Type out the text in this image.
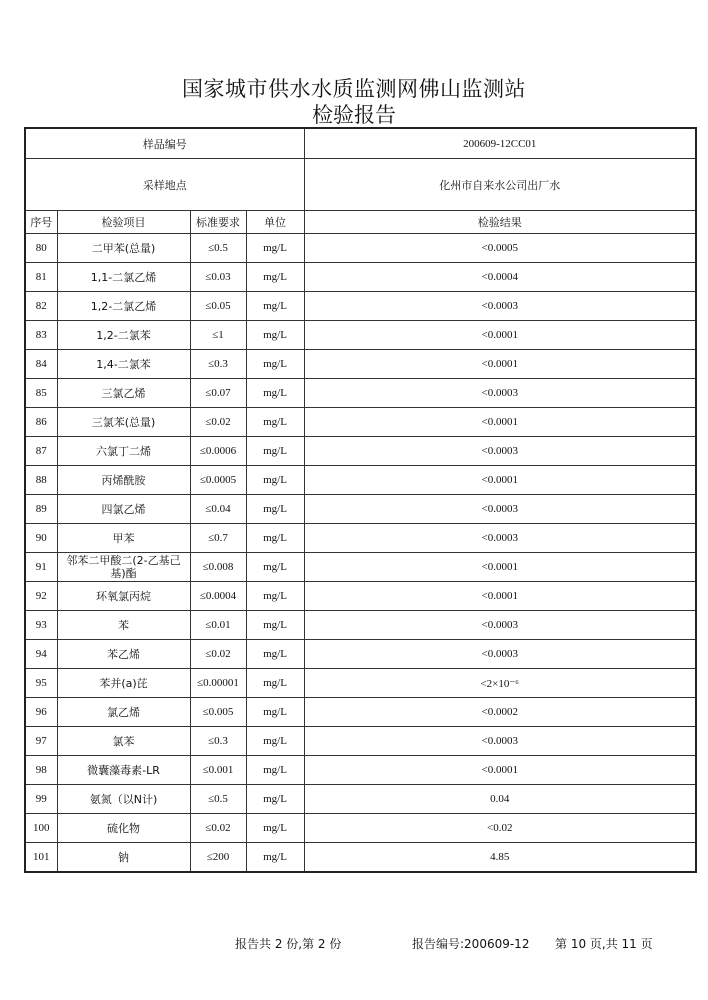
国家城市供水水质监测网佛山监测站
检验报告
样品编号				200609-12CC01
采样地点				化州市自来水公司出厂水
序号	检验项目	标准要求	单位	检验结果
80	二甲苯(总量)	≤0.5	mg/L	<0.0005
81	1,1-二氯乙烯	≤0.03	mg/L	<0.0004
82	1,2-二氯乙烯	≤0.05	mg/L	<0.0003
83	1,2-二氯苯	≤1	mg/L	<0.0001
84	1,4-二氯苯	≤0.3	mg/L	<0.0001
85	三氯乙烯	≤0.07	mg/L	<0.0003
86	三氯苯(总量)	≤0.02	mg/L	<0.0001
87	六氯丁二烯	≤0.0006	mg/L	<0.0003
88	丙烯酰胺	≤0.0005	mg/L	<0.0001
89	四氯乙烯	≤0.04	mg/L	<0.0003
90	甲苯	≤0.7	mg/L	<0.0003
91	邻苯二甲酸二(2-乙基己基)酯	≤0.008	mg/L	<0.0001
92	环氧氯丙烷	≤0.0004	mg/L	<0.0001
93	苯	≤0.01	mg/L	<0.0003
94	苯乙烯	≤0.02	mg/L	<0.0003
95	苯并(a)芘	≤0.00001	mg/L	<2×10⁻⁶
96	氯乙烯	≤0.005	mg/L	<0.0002
97	氯苯	≤0.3	mg/L	<0.0003
98	微囊藻毒素-LR	≤0.001	mg/L	<0.0001
99	氨氮（以N计)	≤0.5	mg/L	0.04
100	硫化物	≤0.02	mg/L	<0.02
101	钠	≤200	mg/L	4.85
报告共 2 份,第 2 份	报告编号:200609-12 第 10 页,共 11 页
